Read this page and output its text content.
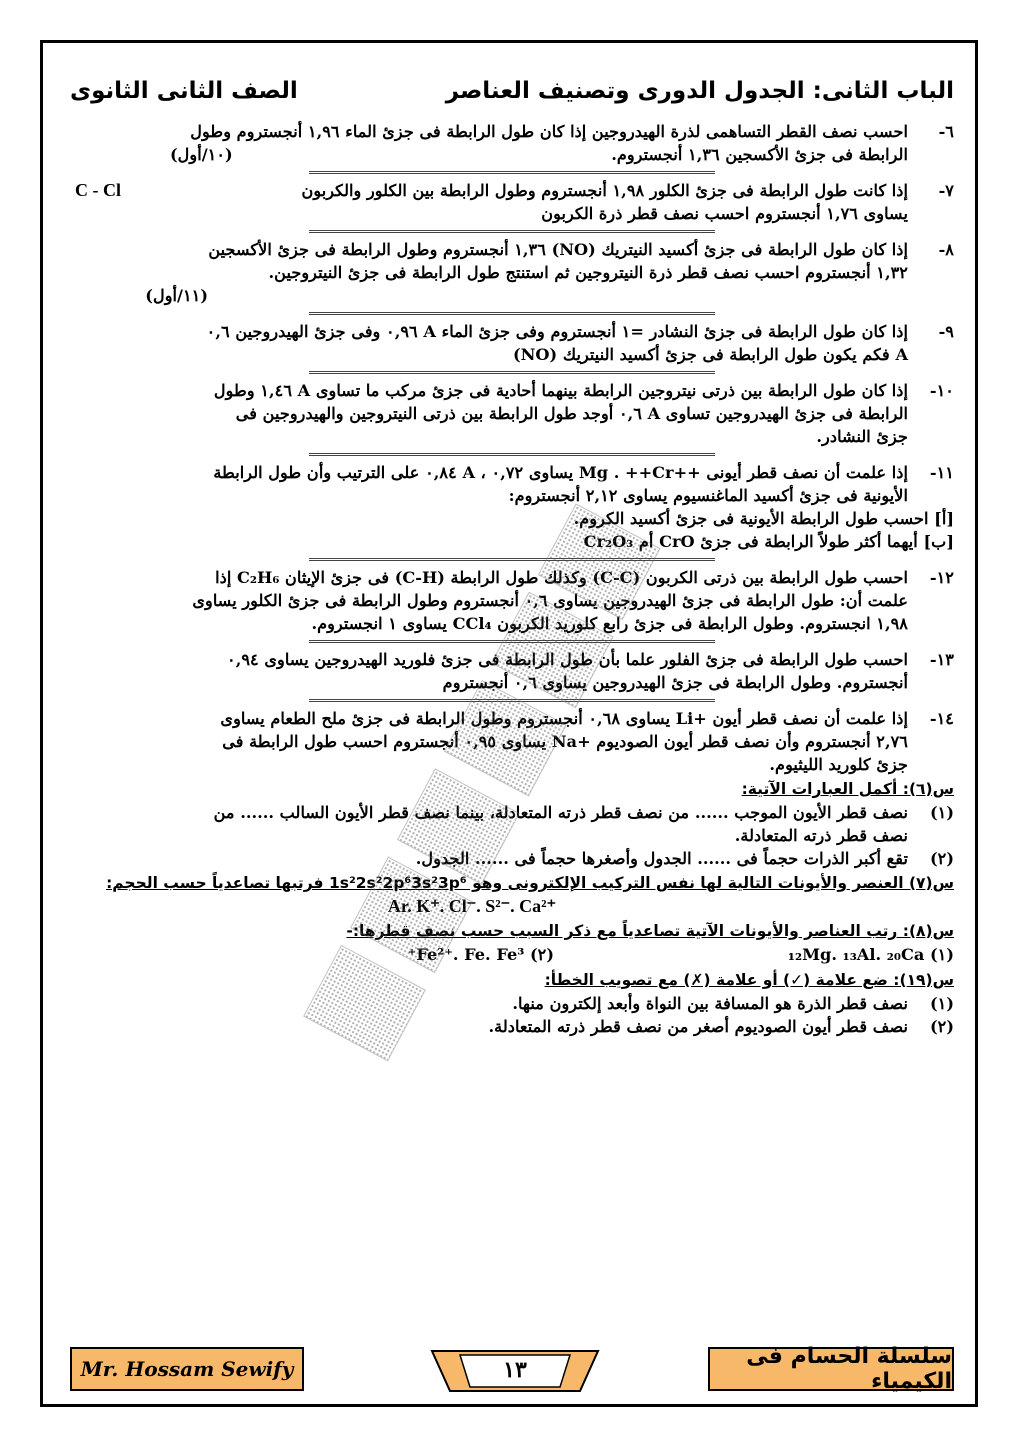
الباب الثانى: الجدول الدورى وتصنيف العناصر
الصف الثانى الثانوى
٦-
احسب نصف القطر التساهمى لذرة الهيدروجين إذا كان طول الرابطة فى جزئ الماء ١,٩٦ أنجستروم وطول
الرابطة فى جزئ الأكسجين ١,٣٦ أنجستروم.
(١٠/أول)
٧-
إذا كانت طول الرابطة فى جزئ الكلور ١,٩٨ أنجستروم وطول الرابطة بين الكلور والكربون
C - Cl
يساوى ١,٧٦ أنجستروم احسب نصف قطر ذرة الكربون
٨-
إذا كان طول الرابطة فى جزئ أكسيد النيتريك (NO) ١,٣٦ أنجستروم وطول الرابطة فى جزئ الأكسجين
١,٣٢ أنجستروم احسب نصف قطر ذرة النيتروجين ثم استنتج طول الرابطة فى جزئ النيتروجين.
(١١/أول)
٩-
إذا كان طول الرابطة فى جزئ النشادر =١ أنجستروم وفى جزئ الماء A ٠,٩٦ وفى جزئ الهيدروجين ٠,٦
A فكم يكون طول الرابطة فى جزئ أكسيد النيتريك (NO)
١٠-
إذا كان طول الرابطة بين ذرتى نيتروجين الرابطة بينهما أحادية فى جزئ مركب ما تساوى A ١,٤٦ وطول
الرابطة فى جزئ الهيدروجين تساوى A ٠,٦ أوجد طول الرابطة بين ذرتى النيتروجين والهيدروجين فى
جزئ النشادر.
١١-
إذا علمت أن نصف قطر أيونى ++Mg . ++Cr يساوى ٠,٧٢ ، A ٠,٨٤ على الترتيب وأن طول الرابطة
الأيونية فى جزئ أكسيد الماغنسيوم يساوى ٢,١٢ أنجستروم:
[أ] احسب طول الرابطة الأيونية فى جزئ أكسيد الكروم.
[ب] أيهما أكثر طولاً الرابطة فى جزئ CrO أم Cr₂O₃
١٢-
احسب طول الرابطة بين ذرتى الكربون (C-C) وكذلك طول الرابطة (C-H) فى جزئ الإيثان C₂H₆ إذا
علمت أن: طول الرابطة فى جزئ الهيدروجين يساوى ٠,٦ أنجستروم وطول الرابطة فى جزئ الكلور يساوى
١,٩٨ انجستروم. وطول الرابطة فى جزئ رابع كلوريد الكربون CCl₄ يساوى ١ انجستروم.
١٣-
احسب طول الرابطة فى جزئ الفلور علما بأن طول الرابطة فى جزئ فلوريد الهيدروجين يساوى ٠,٩٤
أنجستروم. وطول الرابطة فى جزئ الهيدروجين يساوى ٠,٦ أنجستروم
١٤-
إذا علمت أن نصف قطر أيون +Li يساوى ٠,٦٨ أنجستروم وطول الرابطة فى جزئ ملح الطعام يساوى
٢,٧٦ أنجستروم وأن نصف قطر أيون الصوديوم +Na يساوى ٠,٩٥ أنجستروم احسب طول الرابطة فى
جزئ كلوريد الليثيوم.
س(٦): أكمل العبارات الآتية:
(١)
نصف قطر الأيون الموجب ...... من نصف قطر ذرته المتعادلة، بينما نصف قطر الأيون السالب ...... من
نصف قطر ذرته المتعادلة.
(٢)
تقع أكبر الذرات حجماً فى ...... الجدول وأصغرها حجماً فى ...... الجدول.
س(٧) العنصر والأيونات التالية لها نفس التركيب الإلكترونى وهو 1s²2s²2p⁶3s²3p⁶ فرتبها تصاعدياً حسب الحجم:
Ar. K⁺. Cl⁻. S²⁻. Ca²⁺
س(٨): رتب العناصر والأيونات الآتية تصاعدياً مع ذكر السبب حسب نصف قطرها:-
(١) ₁₂Mg. ₁₃Al. ₂₀Ca
(٢) Fe²⁺. Fe. Fe³⁺
س(١٩): ضع علامة (✓) أو علامة (✗) مع تصويب الخطأ:
(١)
نصف قطر الذرة هو المسافة بين النواة وأبعد إلكترون منها.
(٢)
نصف قطر أيون الصوديوم أصغر من نصف قطر ذرته المتعادلة.
Mr. Hossam Sewify	١٣
سلسلة الحسام فى الكيمياء
